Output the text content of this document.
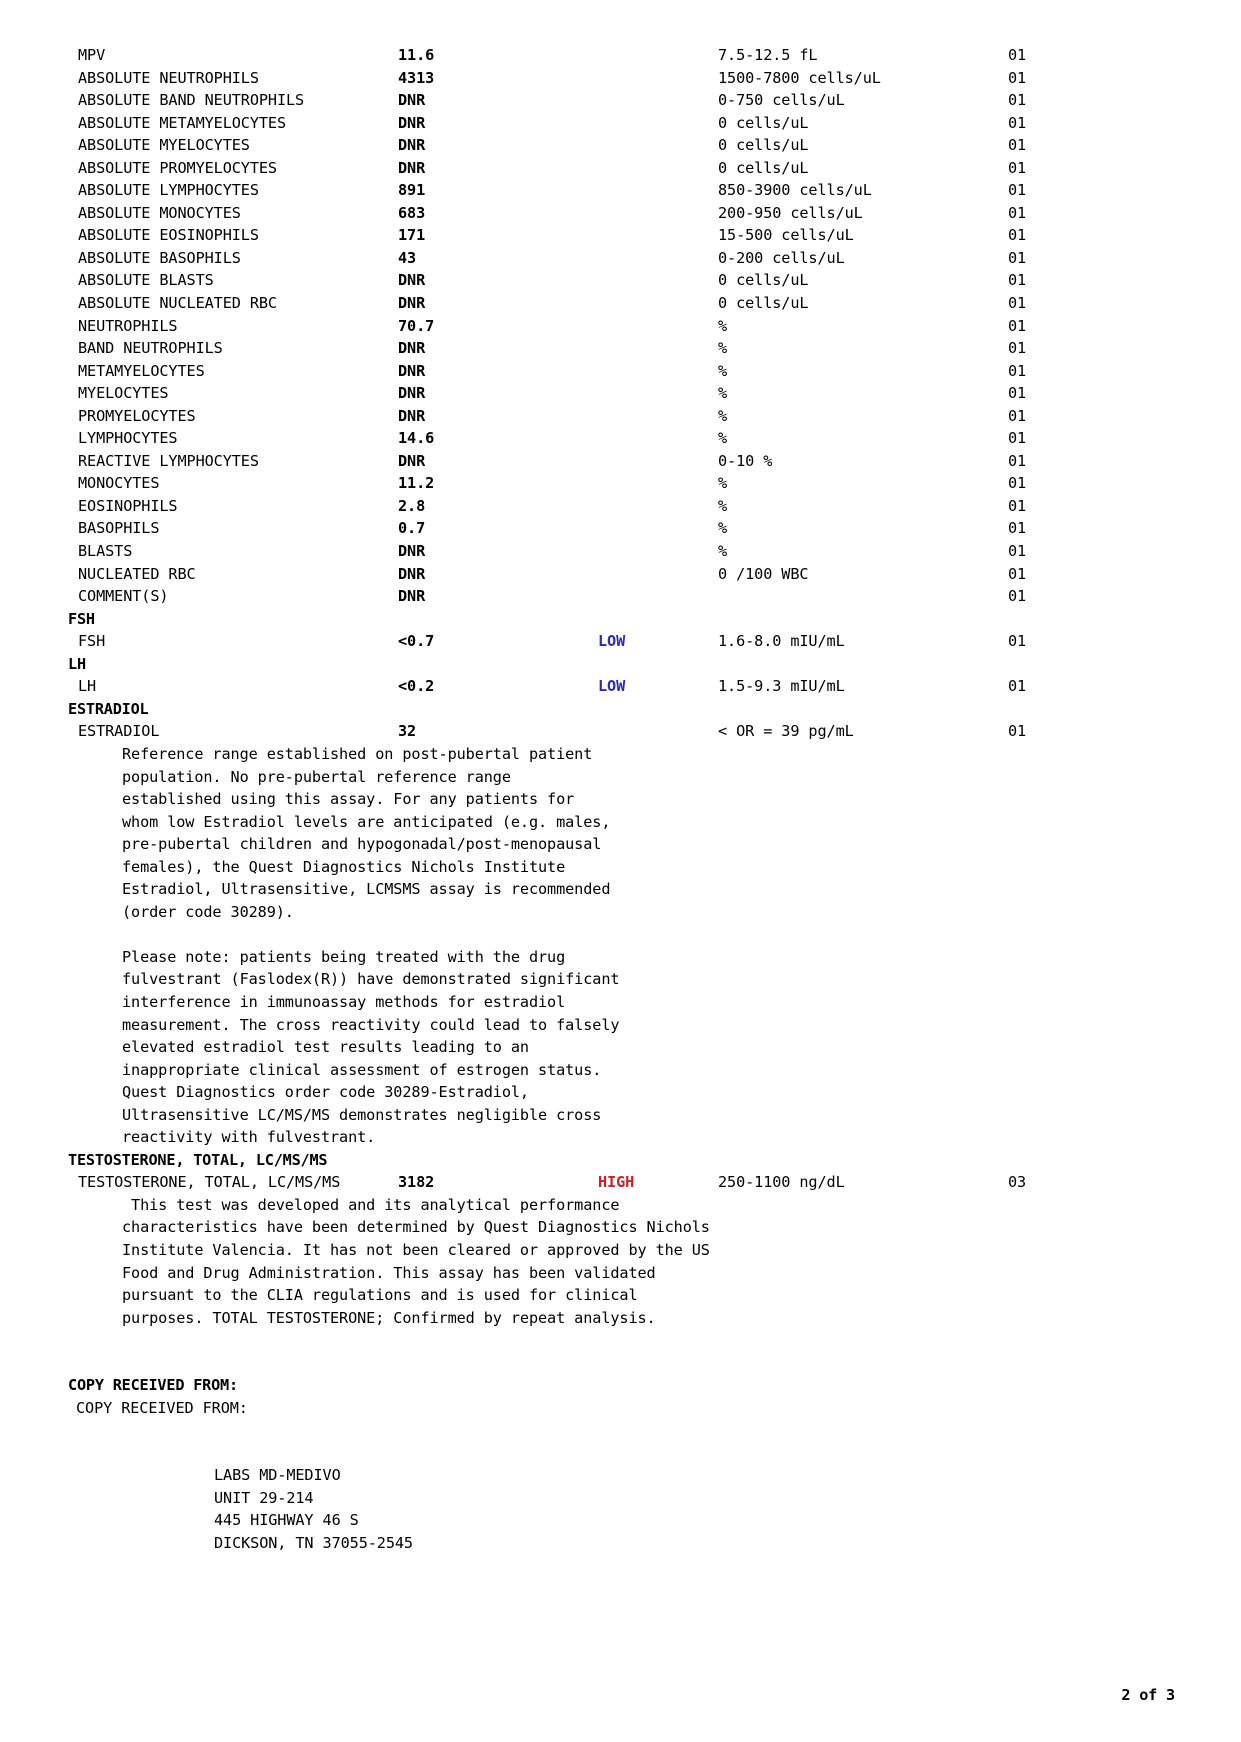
MPV	11.6	7.5-12.5 fL	01
ABSOLUTE NEUTROPHILS	4313	1500-7800 cells/uL	01
ABSOLUTE BAND NEUTROPHILS	DNR	0-750 cells/uL	01
ABSOLUTE METAMYELOCYTES	DNR	0 cells/uL	01
ABSOLUTE MYELOCYTES	DNR	0 cells/uL	01
ABSOLUTE PROMYELOCYTES	DNR	0 cells/uL	01
ABSOLUTE LYMPHOCYTES	891	850-3900 cells/uL	01
ABSOLUTE MONOCYTES	683	200-950 cells/uL	01
ABSOLUTE EOSINOPHILS	171	15-500 cells/uL	01
ABSOLUTE BASOPHILS	43	0-200 cells/uL	01
ABSOLUTE BLASTS	DNR	0 cells/uL	01
ABSOLUTE NUCLEATED RBC	DNR	0 cells/uL	01
NEUTROPHILS	70.7	%	01
BAND NEUTROPHILS	DNR	%	01
METAMYELOCYTES	DNR	%	01
MYELOCYTES	DNR	%	01
PROMYELOCYTES	DNR	%	01
LYMPHOCYTES	14.6	%	01
REACTIVE LYMPHOCYTES	DNR	0-10 %	01
MONOCYTES	11.2	%	01
EOSINOPHILS	2.8	%	01
BASOPHILS	0.7	%	01
BLASTS	DNR	%	01
NUCLEATED RBC	DNR	0 /100 WBC	01
COMMENT(S)	DNR	01
FSH
FSH	<0.7	LOW	1.6-8.0 mIU/mL	01
LH
LH	<0.2	LOW	1.5-9.3 mIU/mL	01
ESTRADIOL
ESTRADIOL	32	< OR = 39 pg/mL	01
Reference range established on post-pubertal patient
population. No pre-pubertal reference range
established using this assay. For any patients for
whom low Estradiol levels are anticipated (e.g. males,
pre-pubertal children and hypogonadal/post-menopausal
females), the Quest Diagnostics Nichols Institute
Estradiol, Ultrasensitive, LCMSMS assay is recommended
(order code 30289).
Please note: patients being treated with the drug
fulvestrant (Faslodex(R)) have demonstrated significant
interference in immunoassay methods for estradiol
measurement. The cross reactivity could lead to falsely
elevated estradiol test results leading to an
inappropriate clinical assessment of estrogen status.
Quest Diagnostics order code 30289-Estradiol,
Ultrasensitive LC/MS/MS demonstrates negligible cross
reactivity with fulvestrant.
TESTOSTERONE, TOTAL, LC/MS/MS
TESTOSTERONE, TOTAL, LC/MS/MS	3182	HIGH	250-1100 ng/dL	03
This test was developed and its analytical performance
characteristics have been determined by Quest Diagnostics Nichols
Institute Valencia. It has not been cleared or approved by the US
Food and Drug Administration. This assay has been validated
pursuant to the CLIA regulations and is used for clinical
purposes. TOTAL TESTOSTERONE; Confirmed by repeat analysis.
COPY RECEIVED FROM:
COPY RECEIVED FROM:
LABS MD-MEDIVO
UNIT 29-214
445 HIGHWAY 46 S
DICKSON, TN 37055-2545
2 of 3
